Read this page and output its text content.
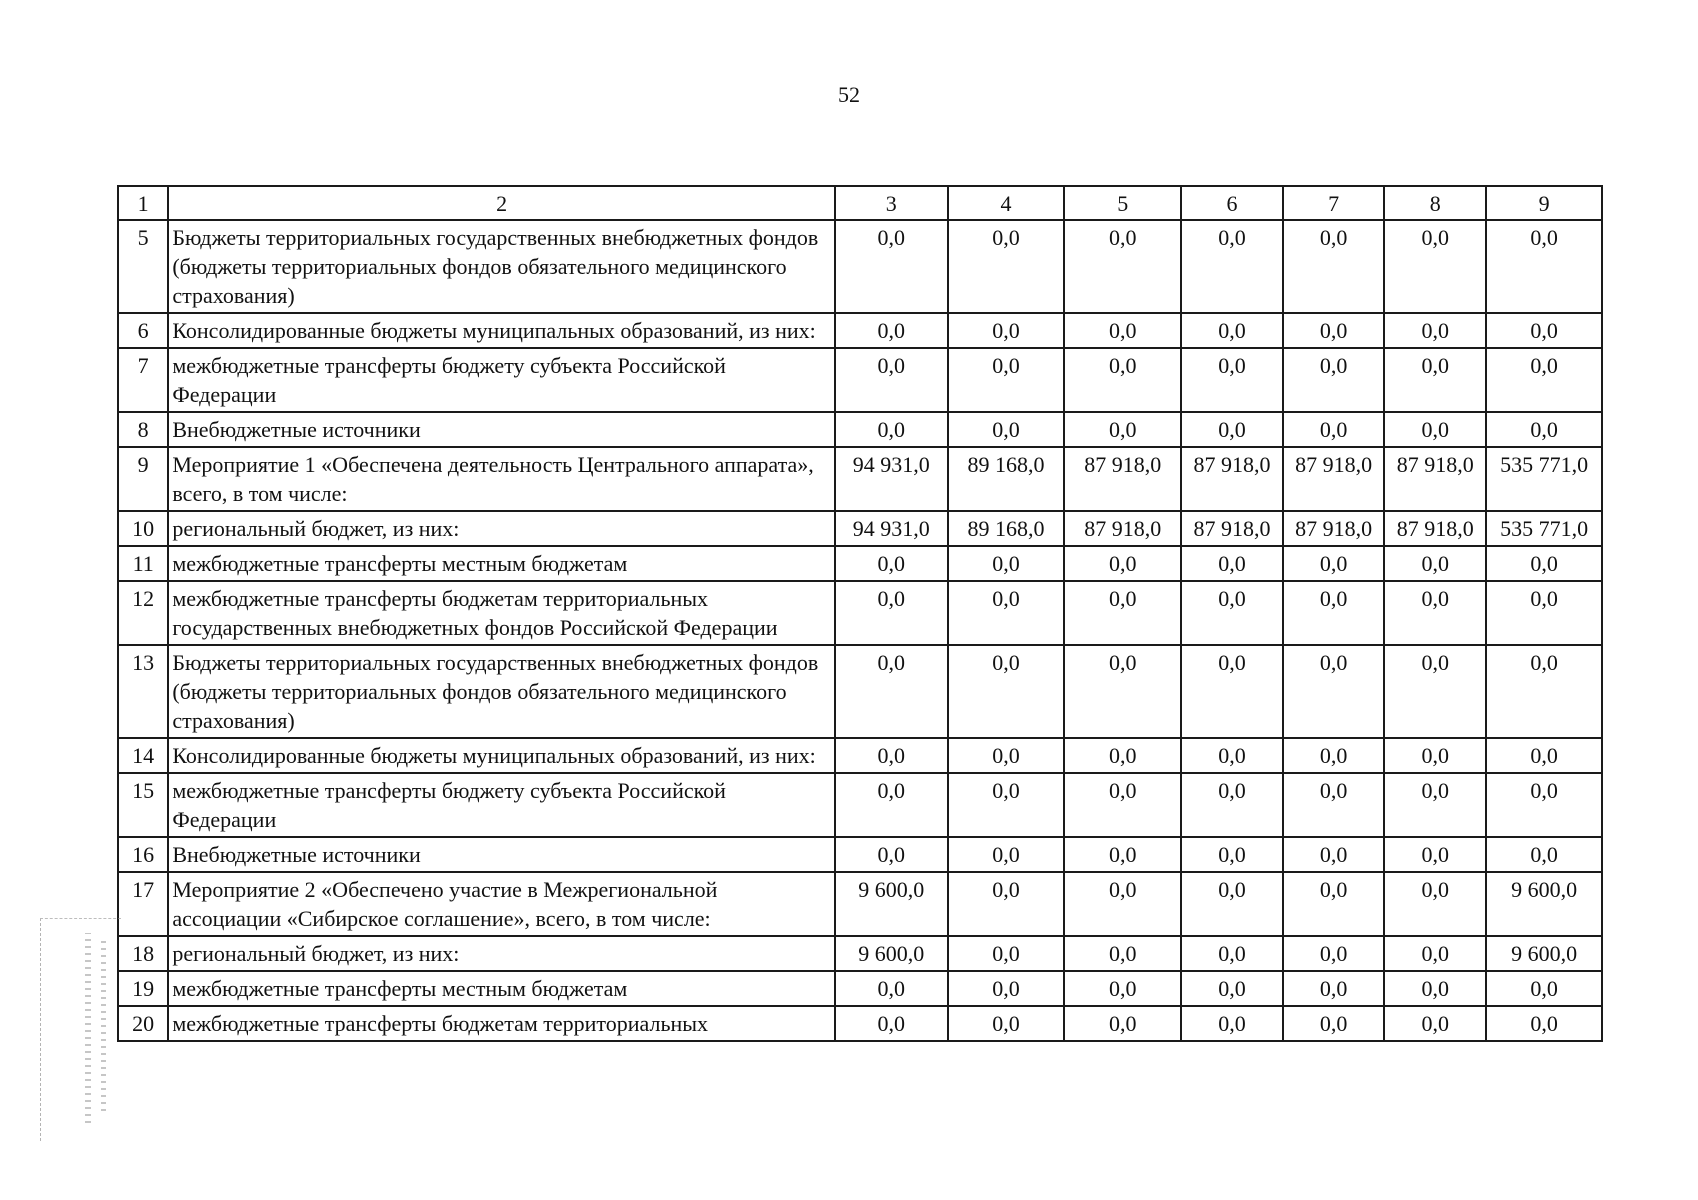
52
1	2	3	4	5	6	7	8	9
5	Бюджеты территориальных государственных внебюджетных фондов (бюджеты территориальных фондов обязательного медицинского страхования)	0,0	0,0	0,0	0,0	0,0	0,0	0,0
6	Консолидированные бюджеты муниципальных образований, из них:	0,0	0,0	0,0	0,0	0,0	0,0	0,0
7	межбюджетные трансферты бюджету субъекта Российской Федерации	0,0	0,0	0,0	0,0	0,0	0,0	0,0
8	Внебюджетные источники	0,0	0,0	0,0	0,0	0,0	0,0	0,0
9	Мероприятие 1 «Обеспечена деятельность Центрального аппарата», всего, в том числе:	94 931,0	89 168,0	87 918,0	87 918,0	87 918,0	87 918,0	535 771,0
10	региональный бюджет, из них:	94 931,0	89 168,0	87 918,0	87 918,0	87 918,0	87 918,0	535 771,0
11	межбюджетные трансферты местным бюджетам	0,0	0,0	0,0	0,0	0,0	0,0	0,0
12	межбюджетные трансферты бюджетам территориальных государственных внебюджетных фондов Российской Федерации	0,0	0,0	0,0	0,0	0,0	0,0	0,0
13	Бюджеты территориальных государственных внебюджетных фондов (бюджеты территориальных фондов обязательного медицинского страхования)	0,0	0,0	0,0	0,0	0,0	0,0	0,0
14	Консолидированные бюджеты муниципальных образований, из них:	0,0	0,0	0,0	0,0	0,0	0,0	0,0
15	межбюджетные трансферты бюджету субъекта Российской Федерации	0,0	0,0	0,0	0,0	0,0	0,0	0,0
16	Внебюджетные источники	0,0	0,0	0,0	0,0	0,0	0,0	0,0
17	Мероприятие 2 «Обеспечено участие в Межрегиональной ассоциации «Сибирское соглашение», всего, в том числе:	9 600,0	0,0	0,0	0,0	0,0	0,0	9 600,0
18	региональный бюджет, из них:	9 600,0	0,0	0,0	0,0	0,0	0,0	9 600,0
19	межбюджетные трансферты местным бюджетам	0,0	0,0	0,0	0,0	0,0	0,0	0,0
20	межбюджетные трансферты бюджетам территориальных	0,0	0,0	0,0	0,0	0,0	0,0	0,0
